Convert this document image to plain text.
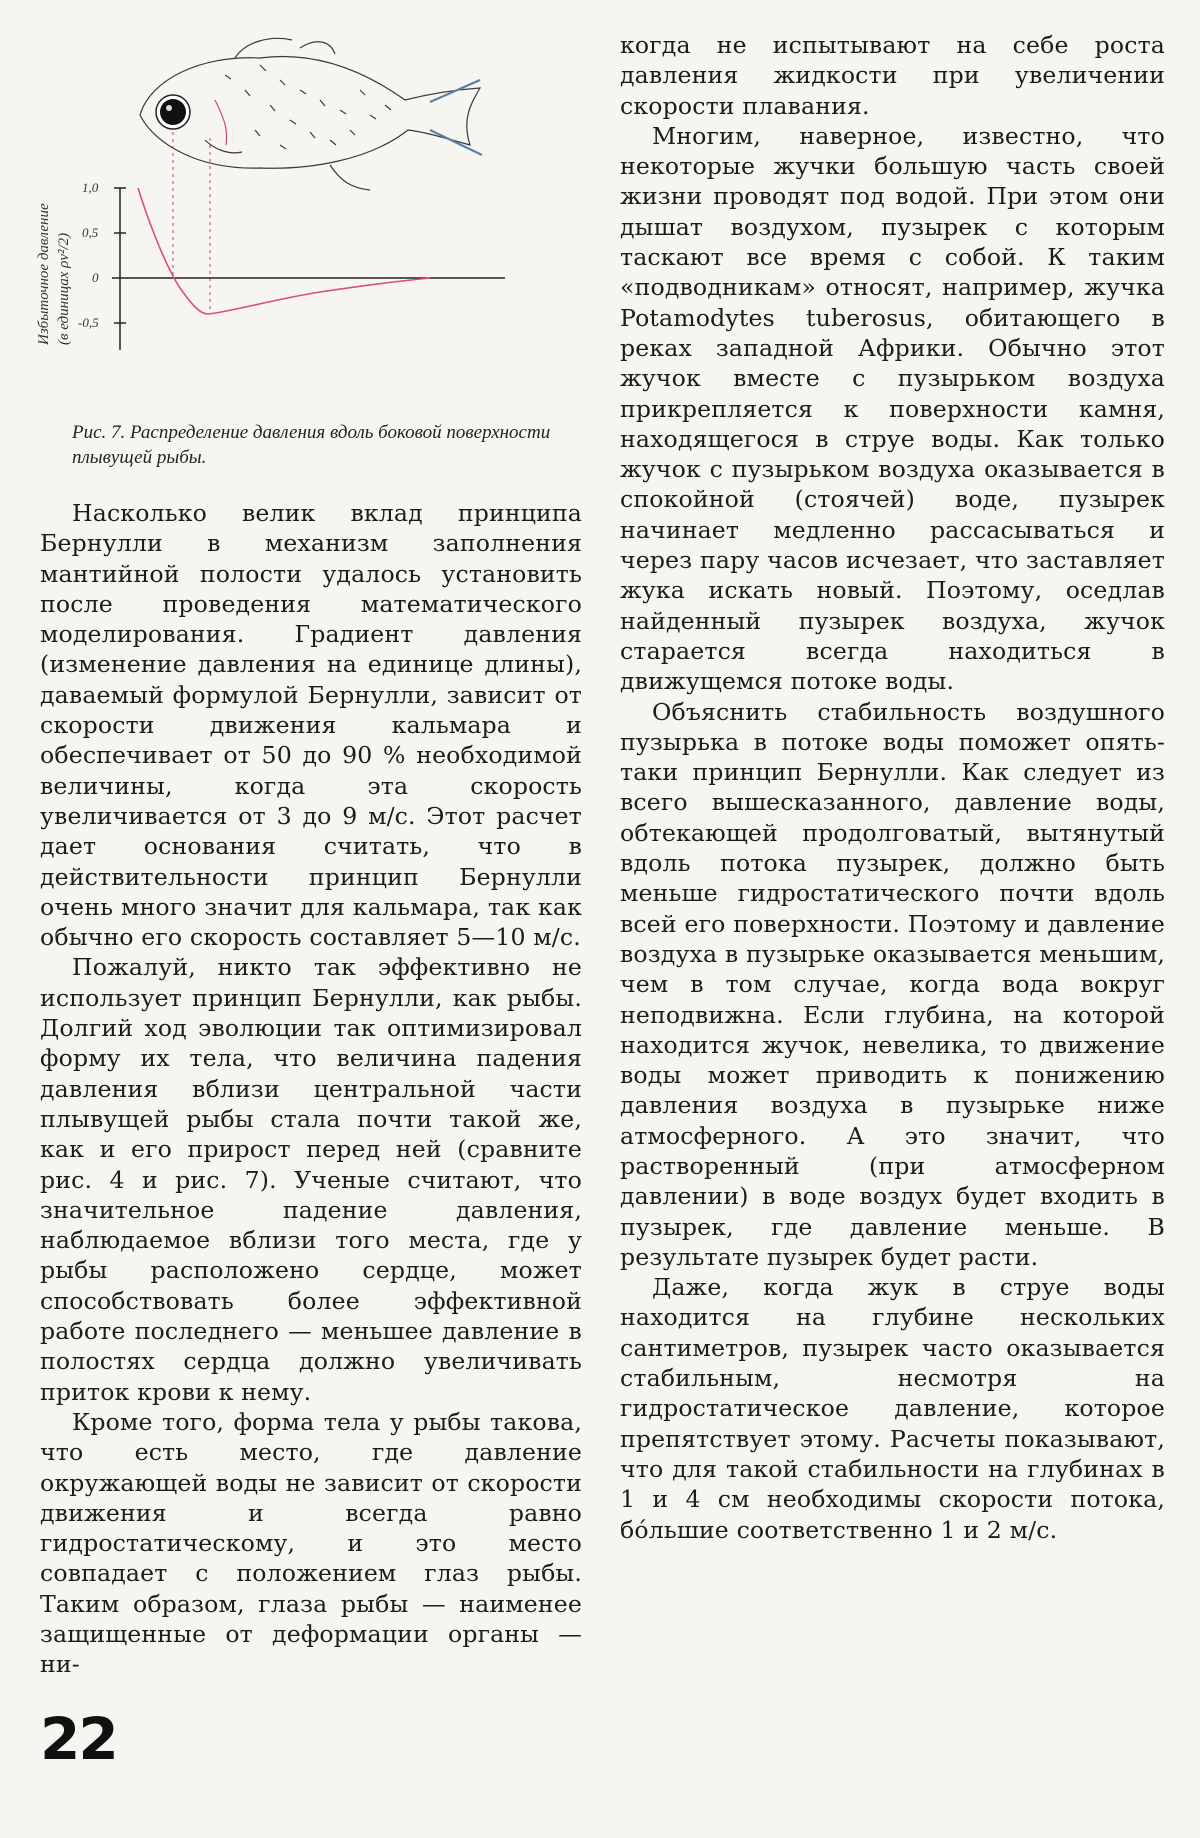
1,0
0,5
0
-0,5
Избыточное давление (в единицах ρv²/2)

Рис. 7. Распределение давления вдоль боковой поверхности плывущей рыбы.

Насколько велик вклад принципа Бернулли в механизм заполнения мантийной полости удалось установить после проведения математического моделирования. Градиент давления (изменение давления на единице длины), даваемый формулой Бернулли, зависит от скорости движения кальмара и обеспечивает от 50 до 90 % необходимой величины, когда эта скорость увеличивается от 3 до 9 м/с. Этот расчет дает основания считать, что в действительности принцип Бернулли очень много значит для кальмара, так как обычно его скорость составляет 5—10 м/с.

Пожалуй, никто так эффективно не использует принцип Бернулли, как рыбы. Долгий ход эволюции так оптимизировал форму их тела, что величина падения давления вблизи центральной части плывущей рыбы стала почти такой же, как и его прирост перед ней (сравните рис. 4 и рис. 7). Ученые считают, что значительное падение давления, наблюдаемое вблизи того места, где у рыбы расположено сердце, может способствовать более эффективной работе последнего — меньшее давление в полостях сердца должно увеличивать приток крови к нему.

Кроме того, форма тела у рыбы такова, что есть место, где давление окружающей воды не зависит от скорости движения и всегда равно гидростатическому, и это место совпадает с положением глаз рыбы. Таким образом, глаза рыбы — наименее защищенные от деформации органы — ни-

когда не испытывают на себе роста давления жидкости при увеличении скорости плавания.

Многим, наверное, известно, что некоторые жучки большую часть своей жизни проводят под водой. При этом они дышат воздухом, пузырек с которым таскают все время с собой. К таким «подводникам» относят, например, жучка Potamodytes tuberosus, обитающего в реках западной Африки. Обычно этот жучок вместе с пузырьком воздуха прикрепляется к поверхности камня, находящегося в струе воды. Как только жучок с пузырьком воздуха оказывается в спокойной (стоячей) воде, пузырек начинает медленно рассасываться и через пару часов исчезает, что заставляет жука искать новый. Поэтому, оседлав найденный пузырек воздуха, жучок старается всегда находиться в движущемся потоке воды.

Объяснить стабильность воздушного пузырька в потоке воды поможет опять-таки принцип Бернулли. Как следует из всего вышесказанного, давление воды, обтекающей продолговатый, вытянутый вдоль потока пузырек, должно быть меньше гидростатического почти вдоль всей его поверхности. Поэтому и давление воздуха в пузырьке оказывается меньшим, чем в том случае, когда вода вокруг неподвижна. Если глубина, на которой находится жучок, невелика, то движение воды может приводить к понижению давления воздуха в пузырьке ниже атмосферного. А это значит, что растворенный (при атмосферном давлении) в воде воздух будет входить в пузырек, где давление меньше. В результате пузырек будет расти.

Даже, когда жук в струе воды находится на глубине нескольких сантиметров, пузырек часто оказывается стабильным, несмотря на гидростатическое давление, которое препятствует этому. Расчеты показывают, что для такой стабильности на глубинах в 1 и 4 см необходимы скорости потока, бо́льшие соответственно 1 и 2 м/с.

22
